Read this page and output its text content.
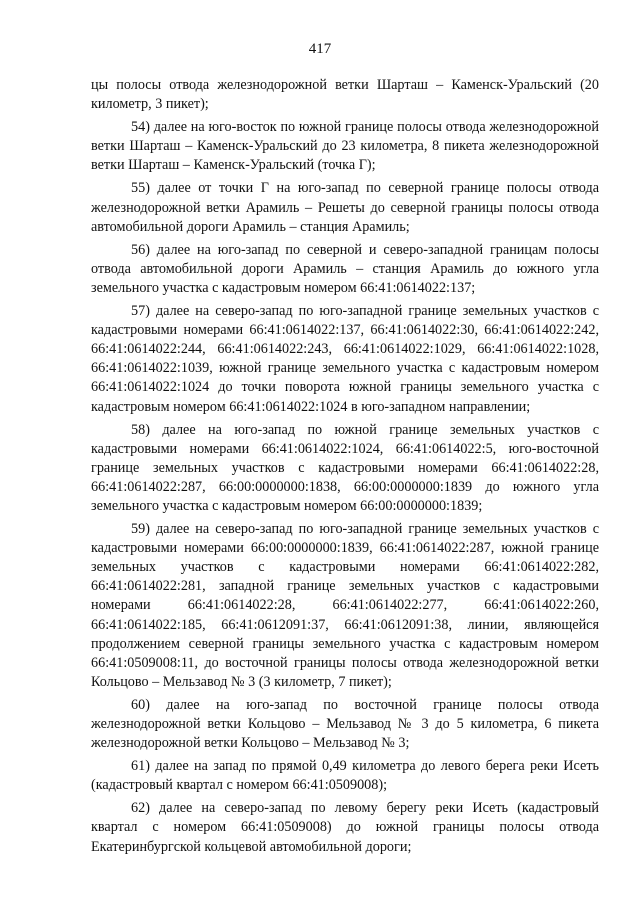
417

цы полосы отвода железнодорожной ветки Шарташ – Каменск-Уральский (20 километр, 3 пикет);

54) далее на юго-восток по южной границе полосы отвода железнодорожной ветки Шарташ – Каменск-Уральский до 23 километра, 8 пикета железнодорожной ветки Шарташ – Каменск-Уральский (точка Г);

55) далее от точки Г на юго-запад по северной границе полосы отвода железнодорожной ветки Арамиль – Решеты до северной границы полосы отвода автомобильной дороги Арамиль – станция Арамиль;

56) далее на юго-запад по северной и северо-западной границам полосы отвода автомобильной дороги Арамиль – станция Арамиль до южного угла земельного участка с кадастровым номером 66:41:0614022:137;

57) далее на северо-запад по юго-западной границе земельных участков с кадастровыми номерами 66:41:0614022:137, 66:41:0614022:30, 66:41:0614022:242, 66:41:0614022:244, 66:41:0614022:243, 66:41:0614022:1029, 66:41:0614022:1028, 66:41:0614022:1039, южной границе земельного участка с кадастровым номером 66:41:0614022:1024 до точки поворота южной границы земельного участка с кадастровым номером 66:41:0614022:1024 в юго-западном направлении;

58) далее на юго-запад по южной границе земельных участков с кадастровыми номерами 66:41:0614022:1024, 66:41:0614022:5, юго-восточной границе земельных участков с кадастровыми номерами 66:41:0614022:28, 66:41:0614022:287, 66:00:0000000:1838, 66:00:0000000:1839 до южного угла земельного участка с кадастровым номером 66:00:0000000:1839;

59) далее на северо-запад по юго-западной границе земельных участков с кадастровыми номерами 66:00:0000000:1839, 66:41:0614022:287, южной границе земельных участков с кадастровыми номерами 66:41:0614022:282, 66:41:0614022:281, западной границе земельных участков с кадастровыми номерами 66:41:0614022:28, 66:41:0614022:277, 66:41:0614022:260, 66:41:0614022:185, 66:41:0612091:37, 66:41:0612091:38, линии, являющейся продолжением северной границы земельного участка с кадастровым номером 66:41:0509008:11, до восточной границы полосы отвода железнодорожной ветки Кольцово – Мельзавод № 3 (3 километр, 7 пикет);

60) далее на юго-запад по восточной границе полосы отвода железнодорожной ветки Кольцово – Мельзавод № 3 до 5 километра, 6 пикета железнодорожной ветки Кольцово – Мельзавод № 3;

61) далее на запад по прямой 0,49 километра до левого берега реки Исеть (кадастровый квартал с номером 66:41:0509008);

62) далее на северо-запад по левому берегу реки Исеть (кадастровый квартал с номером 66:41:0509008) до южной границы полосы отвода Екатеринбургской кольцевой автомобильной дороги;
